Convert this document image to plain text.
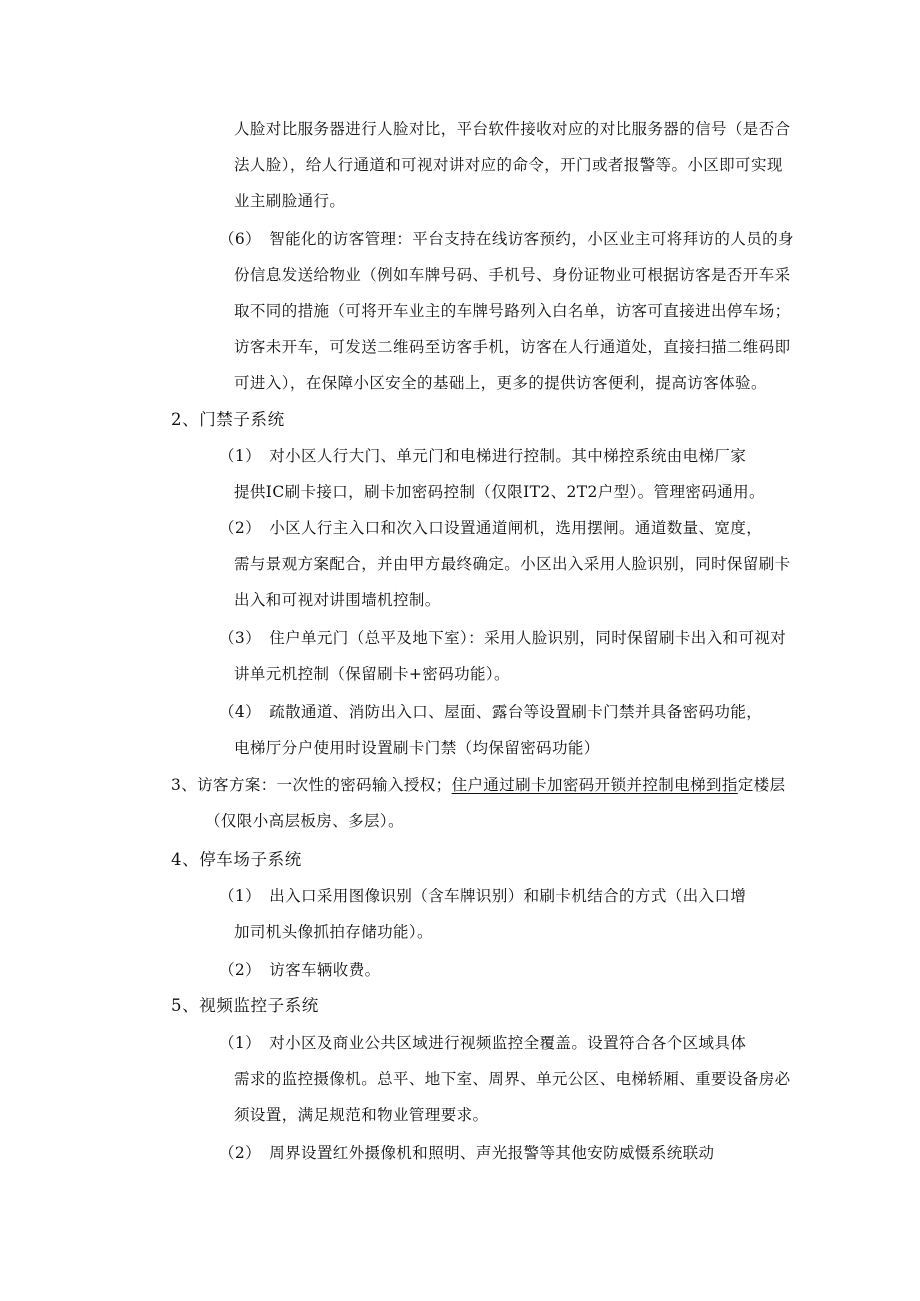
人脸对比服务器进行人脸对比，平台软件接收对应的对比服务器的信号（是否合
法人脸），给人行通道和可视对讲对应的命令，开门或者报警等。小区即可实现
业主刷脸通行。
（6）　智能化的访客管理：平台支持在线访客预约，小区业主可将拜访的人员的身
份信息发送给物业（例如车牌号码、手机号、身份证物业可根据访客是否开车采
取不同的措施（可将开车业主的车牌号路列入白名单，访客可直接进出停车场；
访客未开车，可发送二维码至访客手机，访客在人行通道处，直接扫描二维码即
可进入），在保障小区安全的基础上，更多的提供访客便利，提高访客体验。
2、门禁子系统
（1）　对小区人行大门、单元门和电梯进行控制。其中梯控系统由电梯厂家
提供IC刷卡接口，刷卡加密码控制（仅限IT2、2T2户型）。管理密码通用。
（2）　小区人行主入口和次入口设置通道闸机，选用摆闸。通道数量、宽度，
需与景观方案配合，并由甲方最终确定。小区出入采用人脸识别，同时保留刷卡
出入和可视对讲围墙机控制。
（3）　住户单元门（总平及地下室）：采用人脸识别，同时保留刷卡出入和可视对
讲单元机控制（保留刷卡+密码功能）。
（4）　疏散通道、消防出入口、屋面、露台等设置刷卡门禁并具备密码功能，
电梯厅分户使用时设置刷卡门禁（均保留密码功能）
3、访客方案：一次性的密码输入授权；住户通过刷卡加密码开锁并控制电梯到指定楼层
（仅限小高层板房、多层）。
4、停车场子系统
（1）　出入口采用图像识别（含车牌识别）和刷卡机结合的方式（出入口增
加司机头像抓拍存储功能）。
（2）　访客车辆收费。
5、视频监控子系统
（1）　对小区及商业公共区域进行视频监控全覆盖。设置符合各个区域具体
需求的监控摄像机。总平、地下室、周界、单元公区、电梯轿厢、重要设备房必
须设置，满足规范和物业管理要求。
（2）　周界设置红外摄像机和照明、声光报警等其他安防威慑系统联动
